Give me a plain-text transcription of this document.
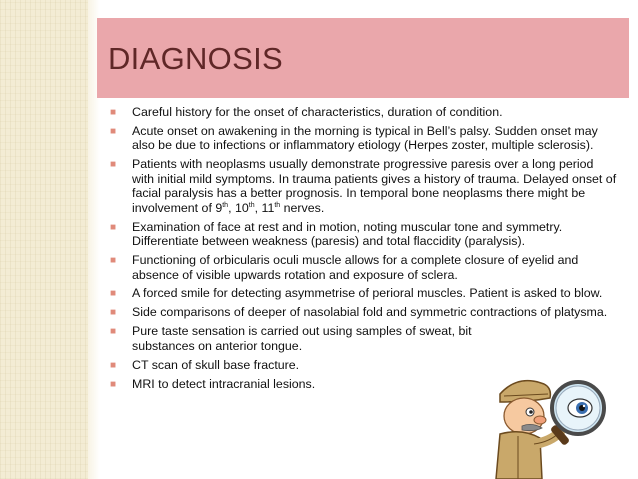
DIAGNOSIS
■ Careful history for the onset of characteristics, duration of condition.
■ Acute onset on awakening in the morning is typical in Bell’s palsy. Sudden onset may also be due to infections or inflammatory etiology (Herpes zoster, multiple sclerosis).
■ Patients with neoplasms usually demonstrate progressive paresis over a long period with initial mild symptoms. In trauma patients gives a history of trauma. Delayed onset of facial paralysis has a better prognosis. In temporal bone neoplasms there might be involvement of 9th, 10th, 11th nerves.
■ Examination of face at rest and in motion, noting muscular tone and symmetry. Differentiate between weakness (paresis) and total flaccidity (paralysis).
■ Functioning of orbicularis oculi muscle allows for a complete closure of eyelid and absence of visible upwards rotation and exposure of sclera.
■ A forced smile for detecting asymmetrise of perioral muscles. Patient is asked to blow.
■ Side comparisons of deeper of nasolabial fold and symmetric contractions of platysma.
■ Pure taste sensation is carried out using samples of sweat, bit substances on anterior tongue.
■ CT scan of skull base fracture.
■ MRI to detect intracranial lesions.
